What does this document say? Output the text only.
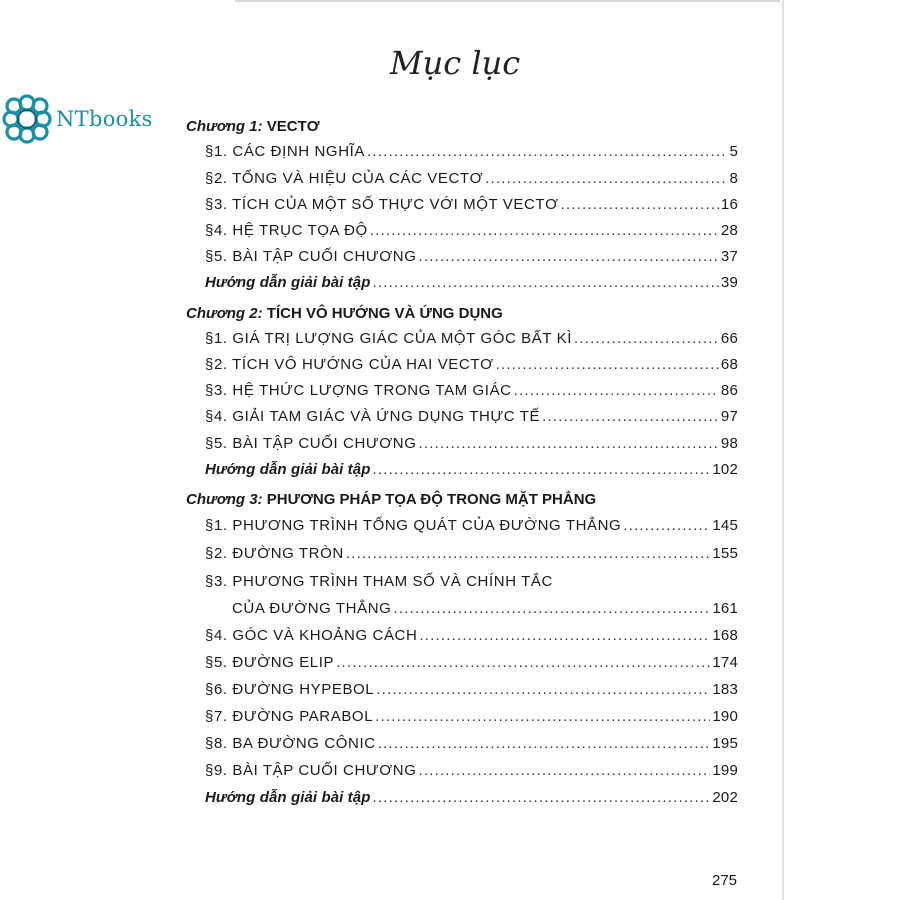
NTbooks
Mục lục
Chương 1: VECTƠ
§1. CÁC ĐỊNH NGHĨA .....	5
§2. TỔNG VÀ HIỆU CỦA CÁC VECTƠ .....	8
§3. TÍCH CỦA MỘT SỐ THỰC VỚI MỘT VECTƠ .....	16
§4. HỆ TRỤC TỌA ĐỘ .....	28
§5. BÀI TẬP CUỐI CHƯƠNG .....	37
Hướng dẫn giải bài tập .....	39
Chương 2: TÍCH VÔ HƯỚNG VÀ ỨNG DỤNG
§1. GIÁ TRỊ LƯỢNG GIÁC CỦA MỘT GÓC BẤT KÌ .....	66
§2. TÍCH VÔ HƯỚNG CỦA HAI VECTƠ .....	68
§3. HỆ THỨC LƯỢNG TRONG TAM GIÁC .....	86
§4. GIẢI TAM GIÁC VÀ ỨNG DỤNG THỰC TẾ .....	97
§5. BÀI TẬP CUỐI CHƯƠNG .....	98
Hướng dẫn giải bài tập .....	102
Chương 3: PHƯƠNG PHÁP TỌA ĐỘ TRONG MẶT PHẲNG
§1. PHƯƠNG TRÌNH TỔNG QUÁT CỦA ĐƯỜNG THẲNG .....	145
§2. ĐƯỜNG TRÒN .....	155
§3. PHƯƠNG TRÌNH THAM SỐ VÀ CHÍNH TẮC
CỦA ĐƯỜNG THẲNG .....	161
§4. GÓC VÀ KHOẢNG CÁCH .....	168
§5. ĐƯỜNG ELIP .....	174
§6. ĐƯỜNG HYPEBOL .....	183
§7. ĐƯỜNG PARABOL .....	190
§8. BA ĐƯỜNG CÔNIC .....	195
§9. BÀI TẬP CUỐI CHƯƠNG .....	199
Hướng dẫn giải bài tập .....	202
275
